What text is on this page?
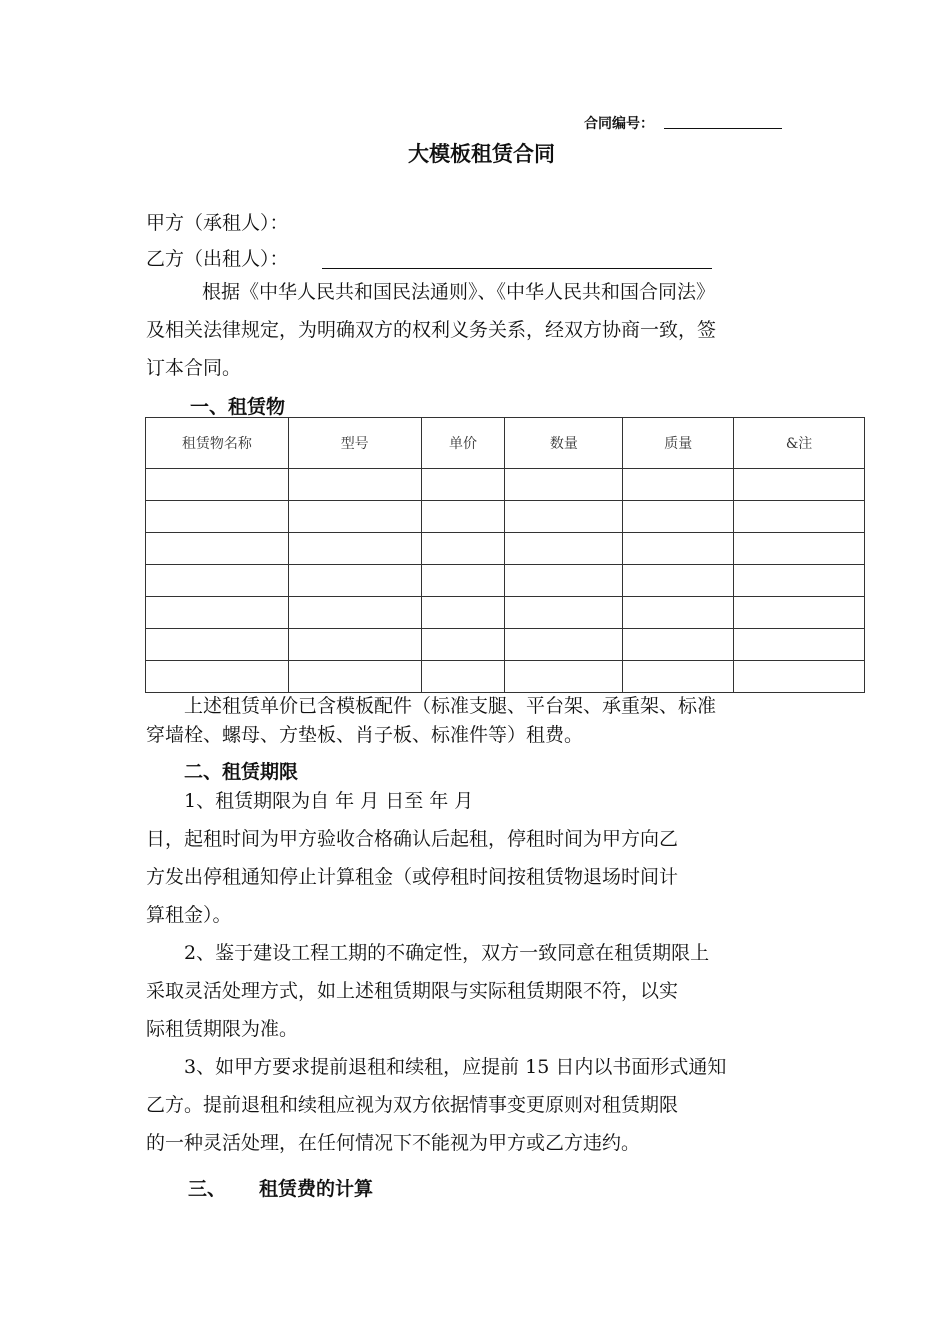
合同编号：
大模板租赁合同
甲方（承租人）：
乙方（出租人）：
根据《中华人民共和国民法通则》、《中华人民共和国合同法》
及相关法律规定，为明确双方的权利义务关系，经双方协商一致，签
订本合同。
一、租赁物
租赁物名称	型号	单价	数量	质量	&注

上述租赁单价已含模板配件（标准支腿、平台架、承重架、标准
穿墙栓、螺母、方垫板、肖子板、标准件等）租费。
二、租赁期限
1、租赁期限为自 年 月 日至 年 月
日，起租时间为甲方验收合格确认后起租，停租时间为甲方向乙
方发出停租通知停止计算租金（或停租时间按租赁物退场时间计
算租金）。
2、鉴于建设工程工期的不确定性，双方一致同意在租赁期限上
采取灵活处理方式，如上述租赁期限与实际租赁期限不符，以实
际租赁期限为准。
3、如甲方要求提前退租和续租，应提前 15 日内以书面形式通知
乙方。提前退租和续租应视为双方依据情事变更原则对租赁期限
的一种灵活处理，在任何情况下不能视为甲方或乙方违约。
三、 租赁费的计算
